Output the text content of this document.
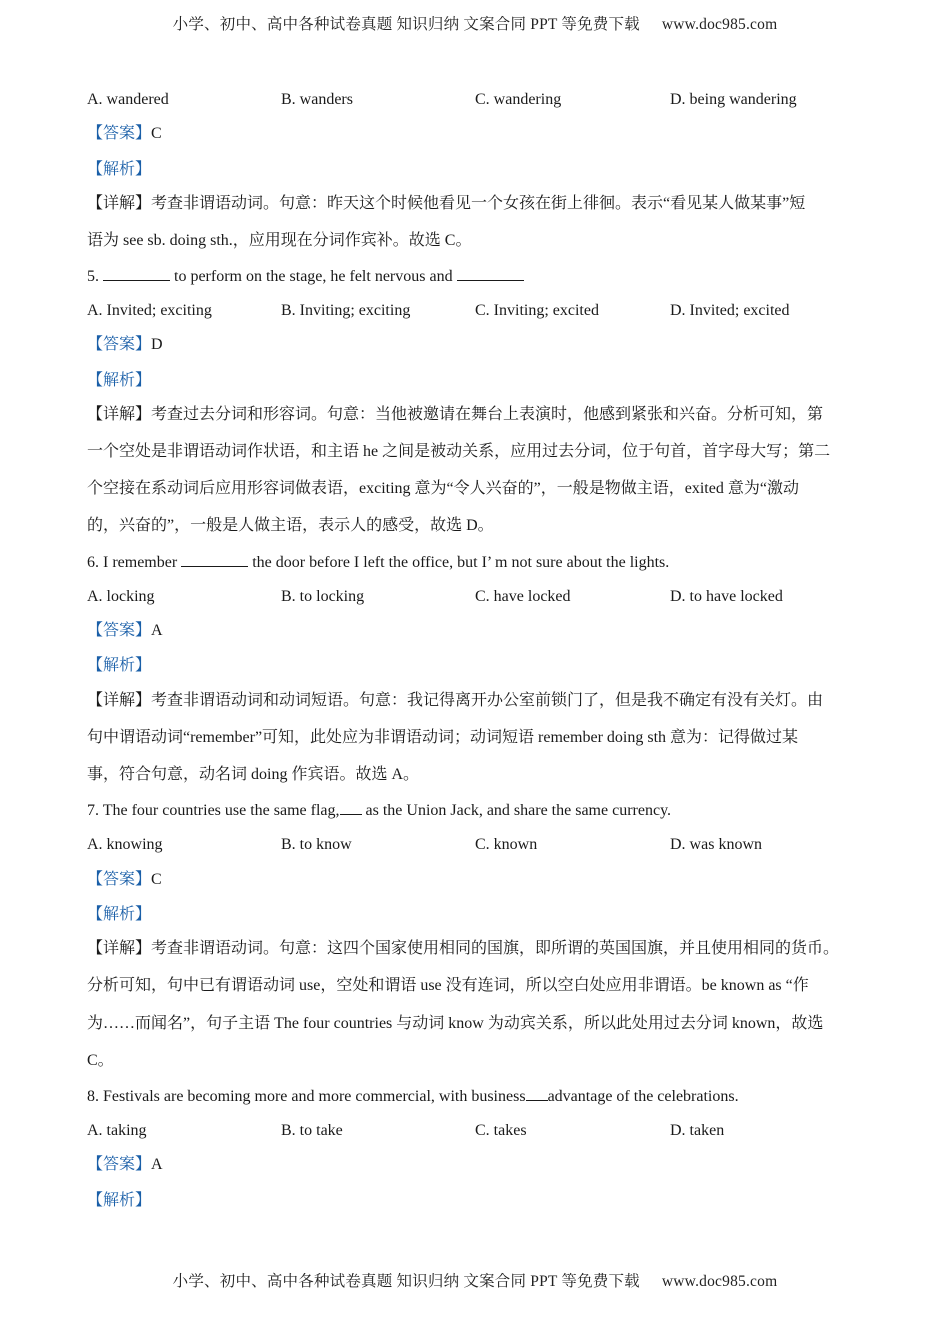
小学、初中、高中各种试卷真题 知识归纳 文案合同 PPT 等免费下载 www.doc985.com
A. wandered	B. wanders	C. wandering	D. being wandering
【答案】C
【解析】
【详解】考查非谓语动词。句意：昨天这个时候他看见一个女孩在街上徘徊。表示“看见某人做某事”短
语为 see sb. doing sth.，应用现在分词作宾补。故选 C。
5.	to perform on the stage, he felt nervous and
A. Invited; exciting	B. Inviting; exciting	C. Inviting; excited	D. Invited; excited
【答案】D
【解析】
【详解】考查过去分词和形容词。句意：当他被邀请在舞台上表演时，他感到紧张和兴奋。分析可知，第
一个空处是非谓语动词作状语，和主语 he 之间是被动关系，应用过去分词，位于句首，首字母大写；第二
个空接在系动词后应用形容词做表语，exciting 意为“令人兴奋的”，一般是物做主语，exited 意为“激动
的，兴奋的”，一般是人做主语，表示人的感受，故选 D。
6. I remember	the door before I left the office, but I’ m not sure about the lights.
A. locking	B. to locking	C. have locked	D. to have locked
【答案】A
【解析】
【详解】考查非谓语动词和动词短语。句意：我记得离开办公室前锁门了，但是我不确定有没有关灯。由
句中谓语动词“remember”可知，此处应为非谓语动词；动词短语 remember doing sth 意为：记得做过某
事，符合句意，动名词 doing 作宾语。故选 A。
7. The four countries use the same flag, as the Union Jack, and share the same currency.
A. knowing	B. to know	C. known	D. was known
【答案】C
【解析】
【详解】考查非谓语动词。句意：这四个国家使用相同的国旗，即所谓的英国国旗，并且使用相同的货币。
分析可知，句中已有谓语动词 use，空处和谓语 use 没有连词，所以空白处应用非谓语。be known as “作
为……而闻名”，句子主语 The four countries 与动词 know 为动宾关系，所以此处用过去分词 known，故选
C。
8. Festivals are becoming more and more commercial, with business advantage of the celebrations.
A. taking	B. to take	C. takes	D. taken
【答案】A
【解析】
小学、初中、高中各种试卷真题 知识归纳 文案合同 PPT 等免费下载 www.doc985.com
